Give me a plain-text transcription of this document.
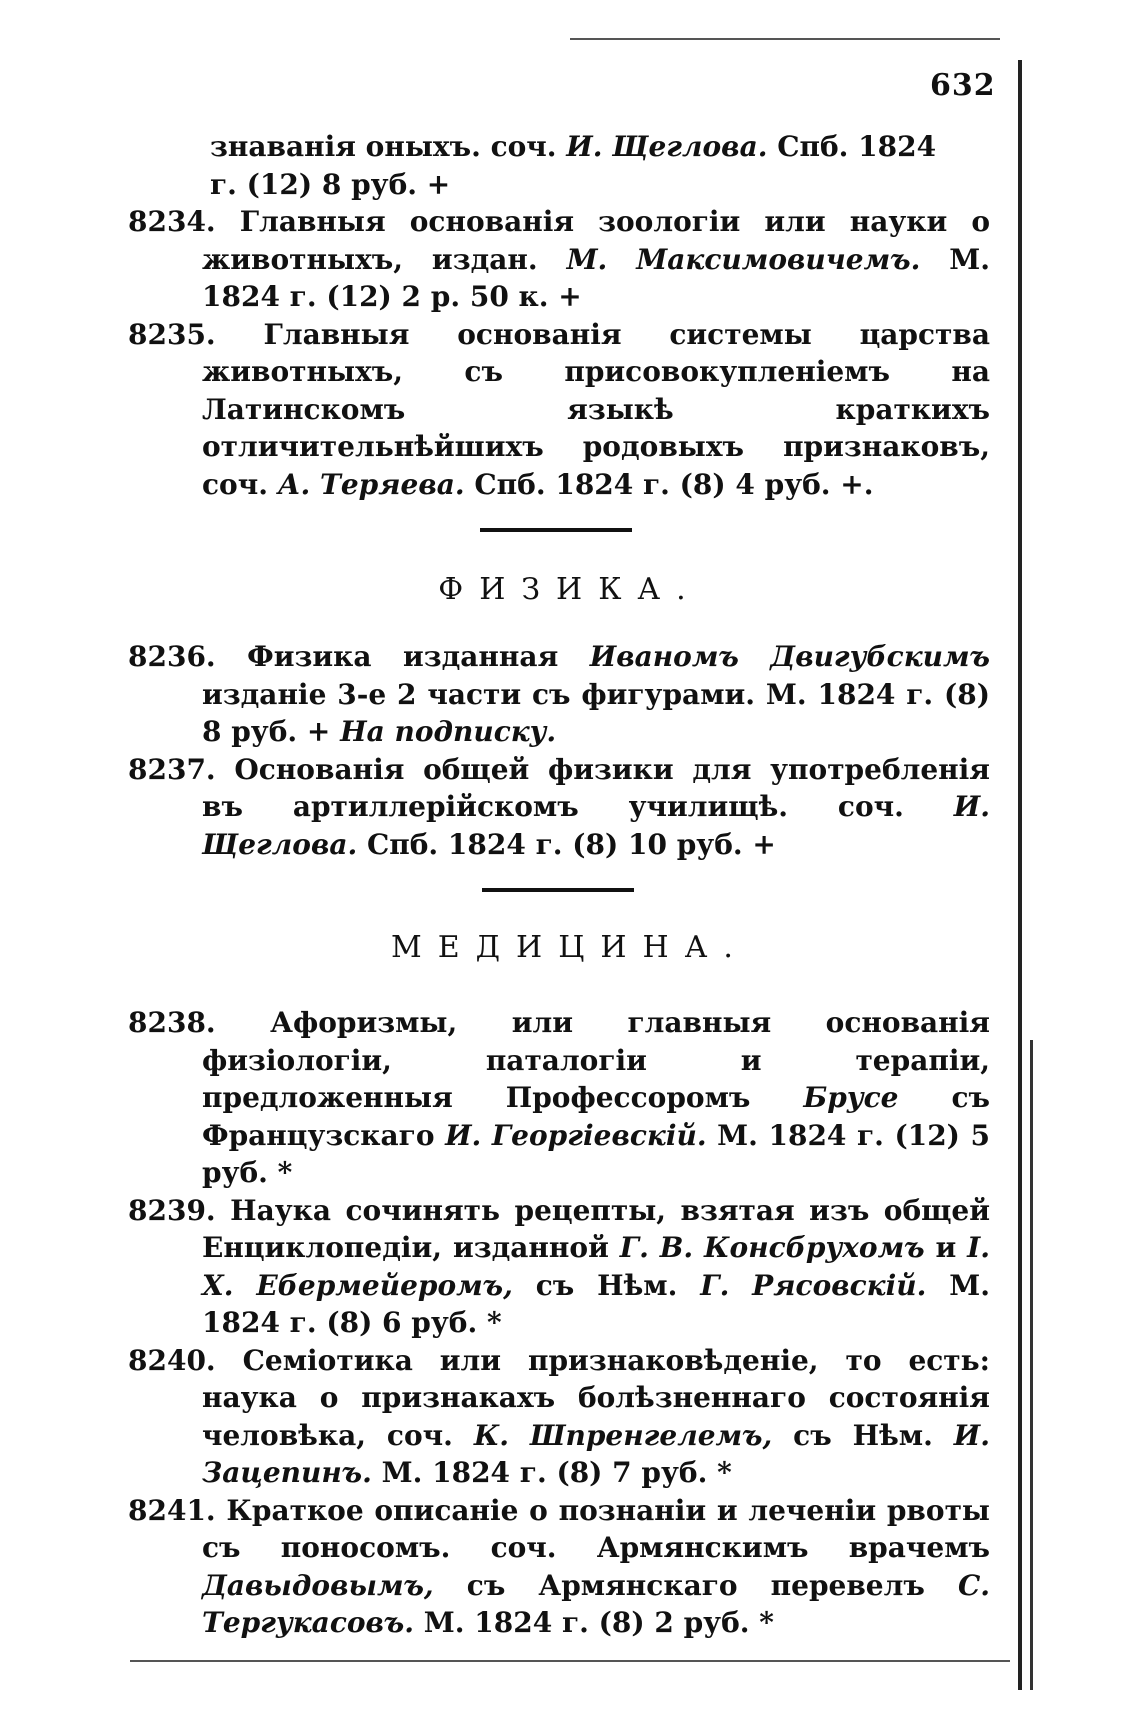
632
знаванія оныхъ. соч. И. Щеглова. Спб. 1824
г. (12) 8 руб. +

8234. Главныя основанія зоологіи или науки о животныхъ, издан. М. Максимовичемъ. М. 1824 г. (12) 2 р. 50 к. +

8235. Главныя основанія системы царства животныхъ, съ присовокупленіемъ на Латинскомъ языкѣ краткихъ отличительнѣйшихъ родовыхъ признаковъ, соч. А. Теряева. Спб. 1824 г. (8) 4 руб. +.

ФИЗИКА.

8236. Физика изданная Иваномъ Двигубскимъ изданіе 3-е 2 части съ фигурами. М. 1824 г. (8) 8 руб. + На подписку.

8237. Основанія общей физики для употребленія въ артиллерійскомъ училищѣ. соч. И. Щеглова. Спб. 1824 г. (8) 10 руб. +

МЕДИЦИНА.

8238. Афоризмы, или главныя основанія физіологіи, паталогіи и терапіи, предложенныя Профессоромъ Брусе съ Французскаго И. Георгіевскій. М. 1824 г. (12) 5 руб. *

8239. Наука сочинять рецепты, взятая изъ общей Енциклопедіи, изданной Г. В. Консбрухомъ и І. Х. Ебермейеромъ, съ Нѣм. Г. Рясовскій. М. 1824 г. (8) 6 руб. *

8240. Семіотика или признаковѣденіе, то есть: наука о признакахъ болѣзненнаго состоянія человѣка, соч. К. Шпренгелемъ, съ Нѣм. И. Зацепинъ. М. 1824 г. (8) 7 руб. *

8241. Краткое описаніе о познаніи и леченіи рвоты съ поносомъ. соч. Армянскимъ врачемъ Давыдовымъ, съ Армянскаго перевелъ С. Тергукасовъ. М. 1824 г. (8) 2 руб. *
